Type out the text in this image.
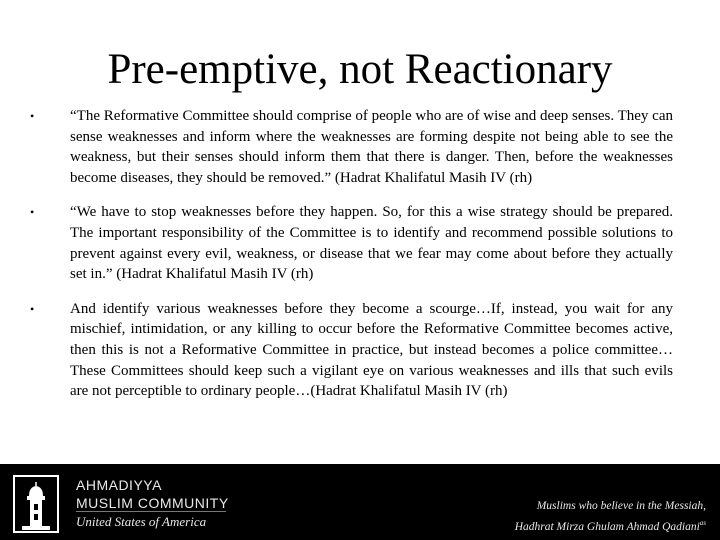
Pre-emptive, not Reactionary
•	“The Reformative Committee should comprise of people who are of wise and deep senses. They can sense weaknesses and inform where the weaknesses are forming despite not being able to see the weakness, but their senses should inform them that there is danger. Then, before the weaknesses become diseases, they should be removed.” (Hadrat Khalifatul Masih IV (rh)
•	“We have to stop weaknesses before they happen. So, for this a wise strategy should be prepared. The important responsibility of the Committee is to identify and recommend possible solutions to prevent against every evil, weakness, or disease that we fear may come about before they actually set in.” (Hadrat Khalifatul Masih IV (rh)
•	And identify various weaknesses before they become a scourge…If, instead, you wait for any mischief, intimidation, or any killing to occur before the Reformative Committee becomes active, then this is not a Reformative Committee in practice, but instead becomes a police committee…These Committees should keep such a vigilant eye on various weaknesses and ills that such evils are not perceptible to ordinary people…(Hadrat Khalifatul Masih IV (rh)
AHMADIYYA
MUSLIM COMMUNITY
United States of America
Muslims who believe in the Messiah,
Hadhrat Mirza Ghulam Ahmad Qadiani$^{as}$
